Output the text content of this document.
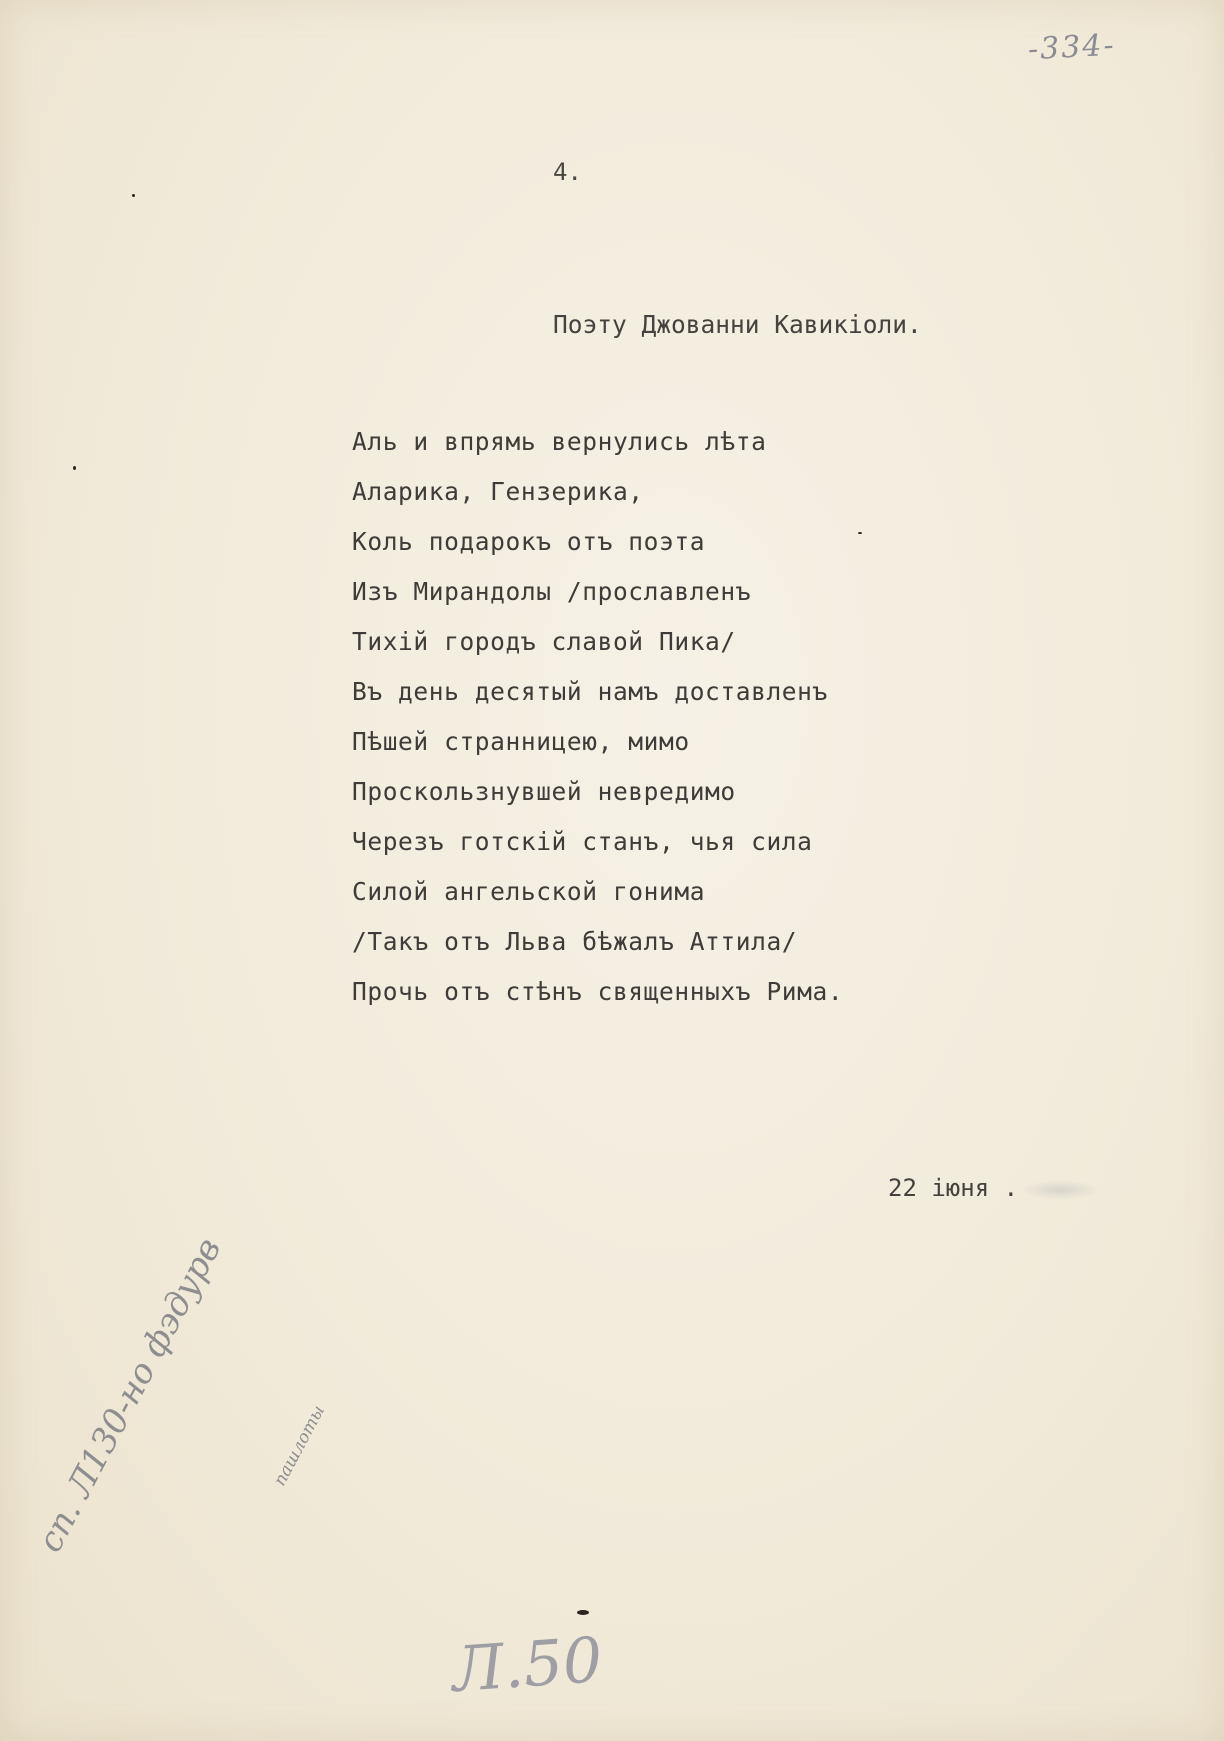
-334-
4.
Поэту Джованни Кавикіоли.
Аль и впрямь вернулись лѣта
Аларика, Гензерика,
Коль подарокъ отъ поэта
Изъ Мирандолы /прославленъ
Тихій городъ славой Пика/
Въ день десятый намъ доставленъ
Пѣшей странницею, мимо
Проскользнувшей невредимо
Черезъ готскій станъ, чья сила
Силой ангельской гонима
/Такъ отъ Льва бѣжалъ Аттила/
Прочь отъ стѣнъ священныхъ Рима.
22 іюня .
сп. Л130-но фэдурв пашлоты
Л.50
